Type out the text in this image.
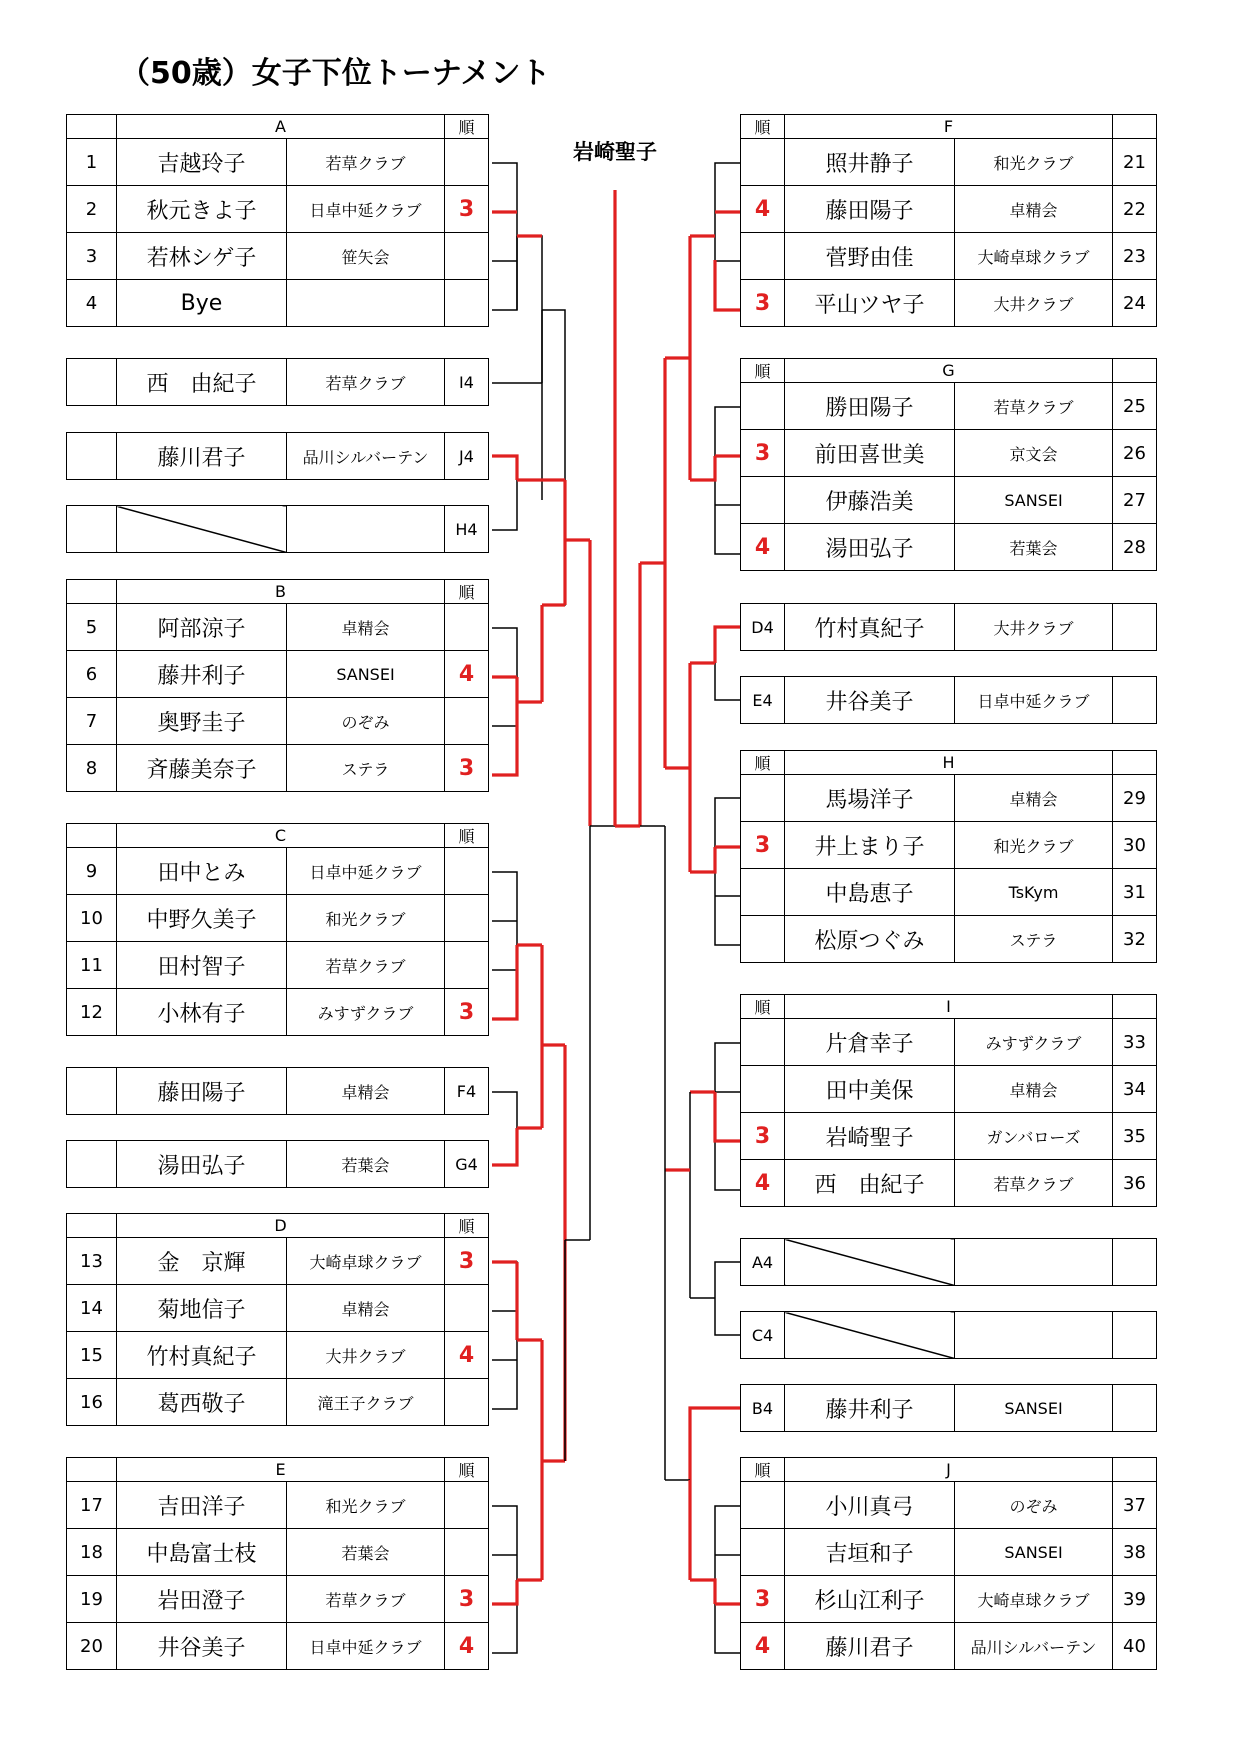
（50歳）女子下位トーナメント
岩崎聖子
	A		順
1	吉越玲子	若草クラブ	
2	秋元きよ子	日卓中延クラブ	3
3	若林シゲ子	笹矢会	
4	Bye		
	西　由紀子	若草クラブ	I4
	藤川君子	品川シルバーテン	J4
			H4
	B		順
5	阿部涼子	卓精会	
6	藤井利子	SANSEI	4
7	奥野圭子	のぞみ	
8	斉藤美奈子	ステラ	3
	C		順
9	田中とみ	日卓中延クラブ	
10	中野久美子	和光クラブ	
11	田村智子	若草クラブ	
12	小林有子	みすずクラブ	3
	藤田陽子	卓精会	F4
	湯田弘子	若葉会	G4
	D		順
13	金　京輝	大崎卓球クラブ	3
14	菊地信子	卓精会	
15	竹村真紀子	大井クラブ	4
16	葛西敬子	滝王子クラブ	
	E		順
17	吉田洋子	和光クラブ	
18	中島富士枝	若葉会	
19	岩田澄子	若草クラブ	3
20	井谷美子	日卓中延クラブ	4
順	F		
	照井静子	和光クラブ	21
4	藤田陽子	卓精会	22
	菅野由佳	大崎卓球クラブ	23
3	平山ツヤ子	大井クラブ	24
順	G		
	勝田陽子	若草クラブ	25
3	前田喜世美	京文会	26
	伊藤浩美	SANSEI	27
4	湯田弘子	若葉会	28
D4	竹村真紀子	大井クラブ	
E4	井谷美子	日卓中延クラブ	
順	H		
	馬場洋子	卓精会	29
3	井上まり子	和光クラブ	30
	中島恵子	TsKym	31
	松原つぐみ	ステラ	32
順	I		
	片倉幸子	みすずクラブ	33
	田中美保	卓精会	34
3	岩崎聖子	ガンバローズ	35
4	西　由紀子	若草クラブ	36
A4			
C4			
B4	藤井利子	SANSEI	
順	J		
	小川真弓	のぞみ	37
	吉垣和子	SANSEI	38
3	杉山江利子	大崎卓球クラブ	39
4	藤川君子	品川シルバーテン	40
